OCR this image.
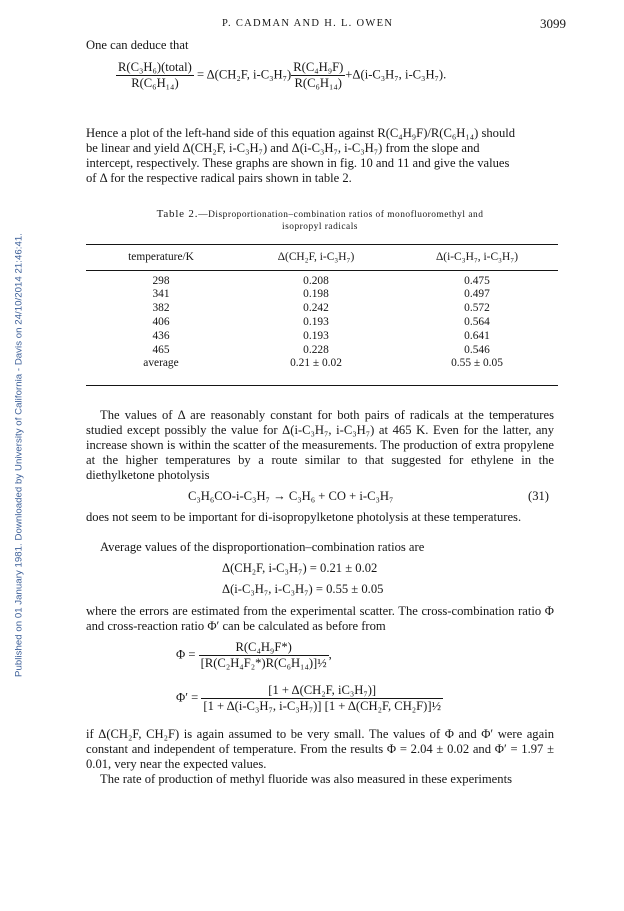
Published on 01 January 1981. Downloaded by University of California - Davis on 24/10/2014 21:46:41.
P. CADMAN AND H. L. OWEN	3099

One can deduce that

$\frac{\text{R(C₃H₆)(total)}}{\text{R(C₆H₁₄)}} = \Delta(CH_2F$, $i-C_3H_7) \frac{\text{R(C₄H₉F)}}{\text{R(C₆H₁₄)}} +\Delta(i-C_3H_7$, i-C₃H₇).

Hence a plot of the left-hand side of this equation against R(C₄H₉F)/R(C₆H₁₄) should
be linear and yield Δ(CH₂F, i-C₃H₇) and Δ(i-C₃H₇, i-C₃H₇) from the slope and
intercept, respectively. These graphs are shown in fig. 10 and 11 and give the values
of Δ for the respective radical pairs shown in table 2.

Table 2.—Disproportionation–combination ratios of monofluoromethyl and
isopropyl radicals
temperature/K	Δ(CH₂F, i-C₃H₇)	Δ(i-C₃H₇, i-C₃H₇)

298	0.208	0.475
341	0.198	0.497
382	0.242	0.572
406	0.193	0.564
436	0.193	0.641
465	0.228	0.546
average	0.21 ± 0.02	0.55 ± 0.05

The values of Δ are reasonably constant for both pairs of radicals at the temperatures studied except possibly the value for Δ(i-C₃H₇, i-C₃H₇) at 465 K. Even for the latter, any increase shown is within the scatter of the measurements. The production of extra propylene at the higher temperatures by a route similar to that suggested for ethylene in the diethylketone photolysis

C₃H₆CO-i-C₃H₇ → C₃H₆ + CO + i-C₃H₇	(31)

does not seem to be important for di-isopropylketone photolysis at these temperatures.

Average values of the disproportionation–combination ratios are

Δ(CH₂F, i-C₃H₇) = 0.21 ± 0.02
Δ(i-C₃H₇, i-C₃H₇) = 0.55 ± 0.05

where the errors are estimated from the experimental scatter. The cross-combination ratio Φ and cross-reaction ratio Φ′ can be calculated as before from

$\Phi = \frac{\text{R(C₄H₉F*)}}{\text{[R(C₂H₄F₂*)R(C₆H₁₄)]½}}$ ,
$\Phi' = \frac{\text{[1 + Δ(CH₂F, iC₃H₇)]}}{\text{[1 + Δ(i-C₃H₇, i-C₃H₇)] [1 + Δ(CH₂F, CH₂F)]½}}$

if Δ(CH₂F, CH₂F) is again assumed to be very small. The values of Φ and Φ′ were again constant and independent of temperature. From the results Φ = 2.04 ± 0.02 and Φ′ = 1.97 ± 0.01, very near the expected values.
The rate of production of methyl fluoride was also measured in these experiments
